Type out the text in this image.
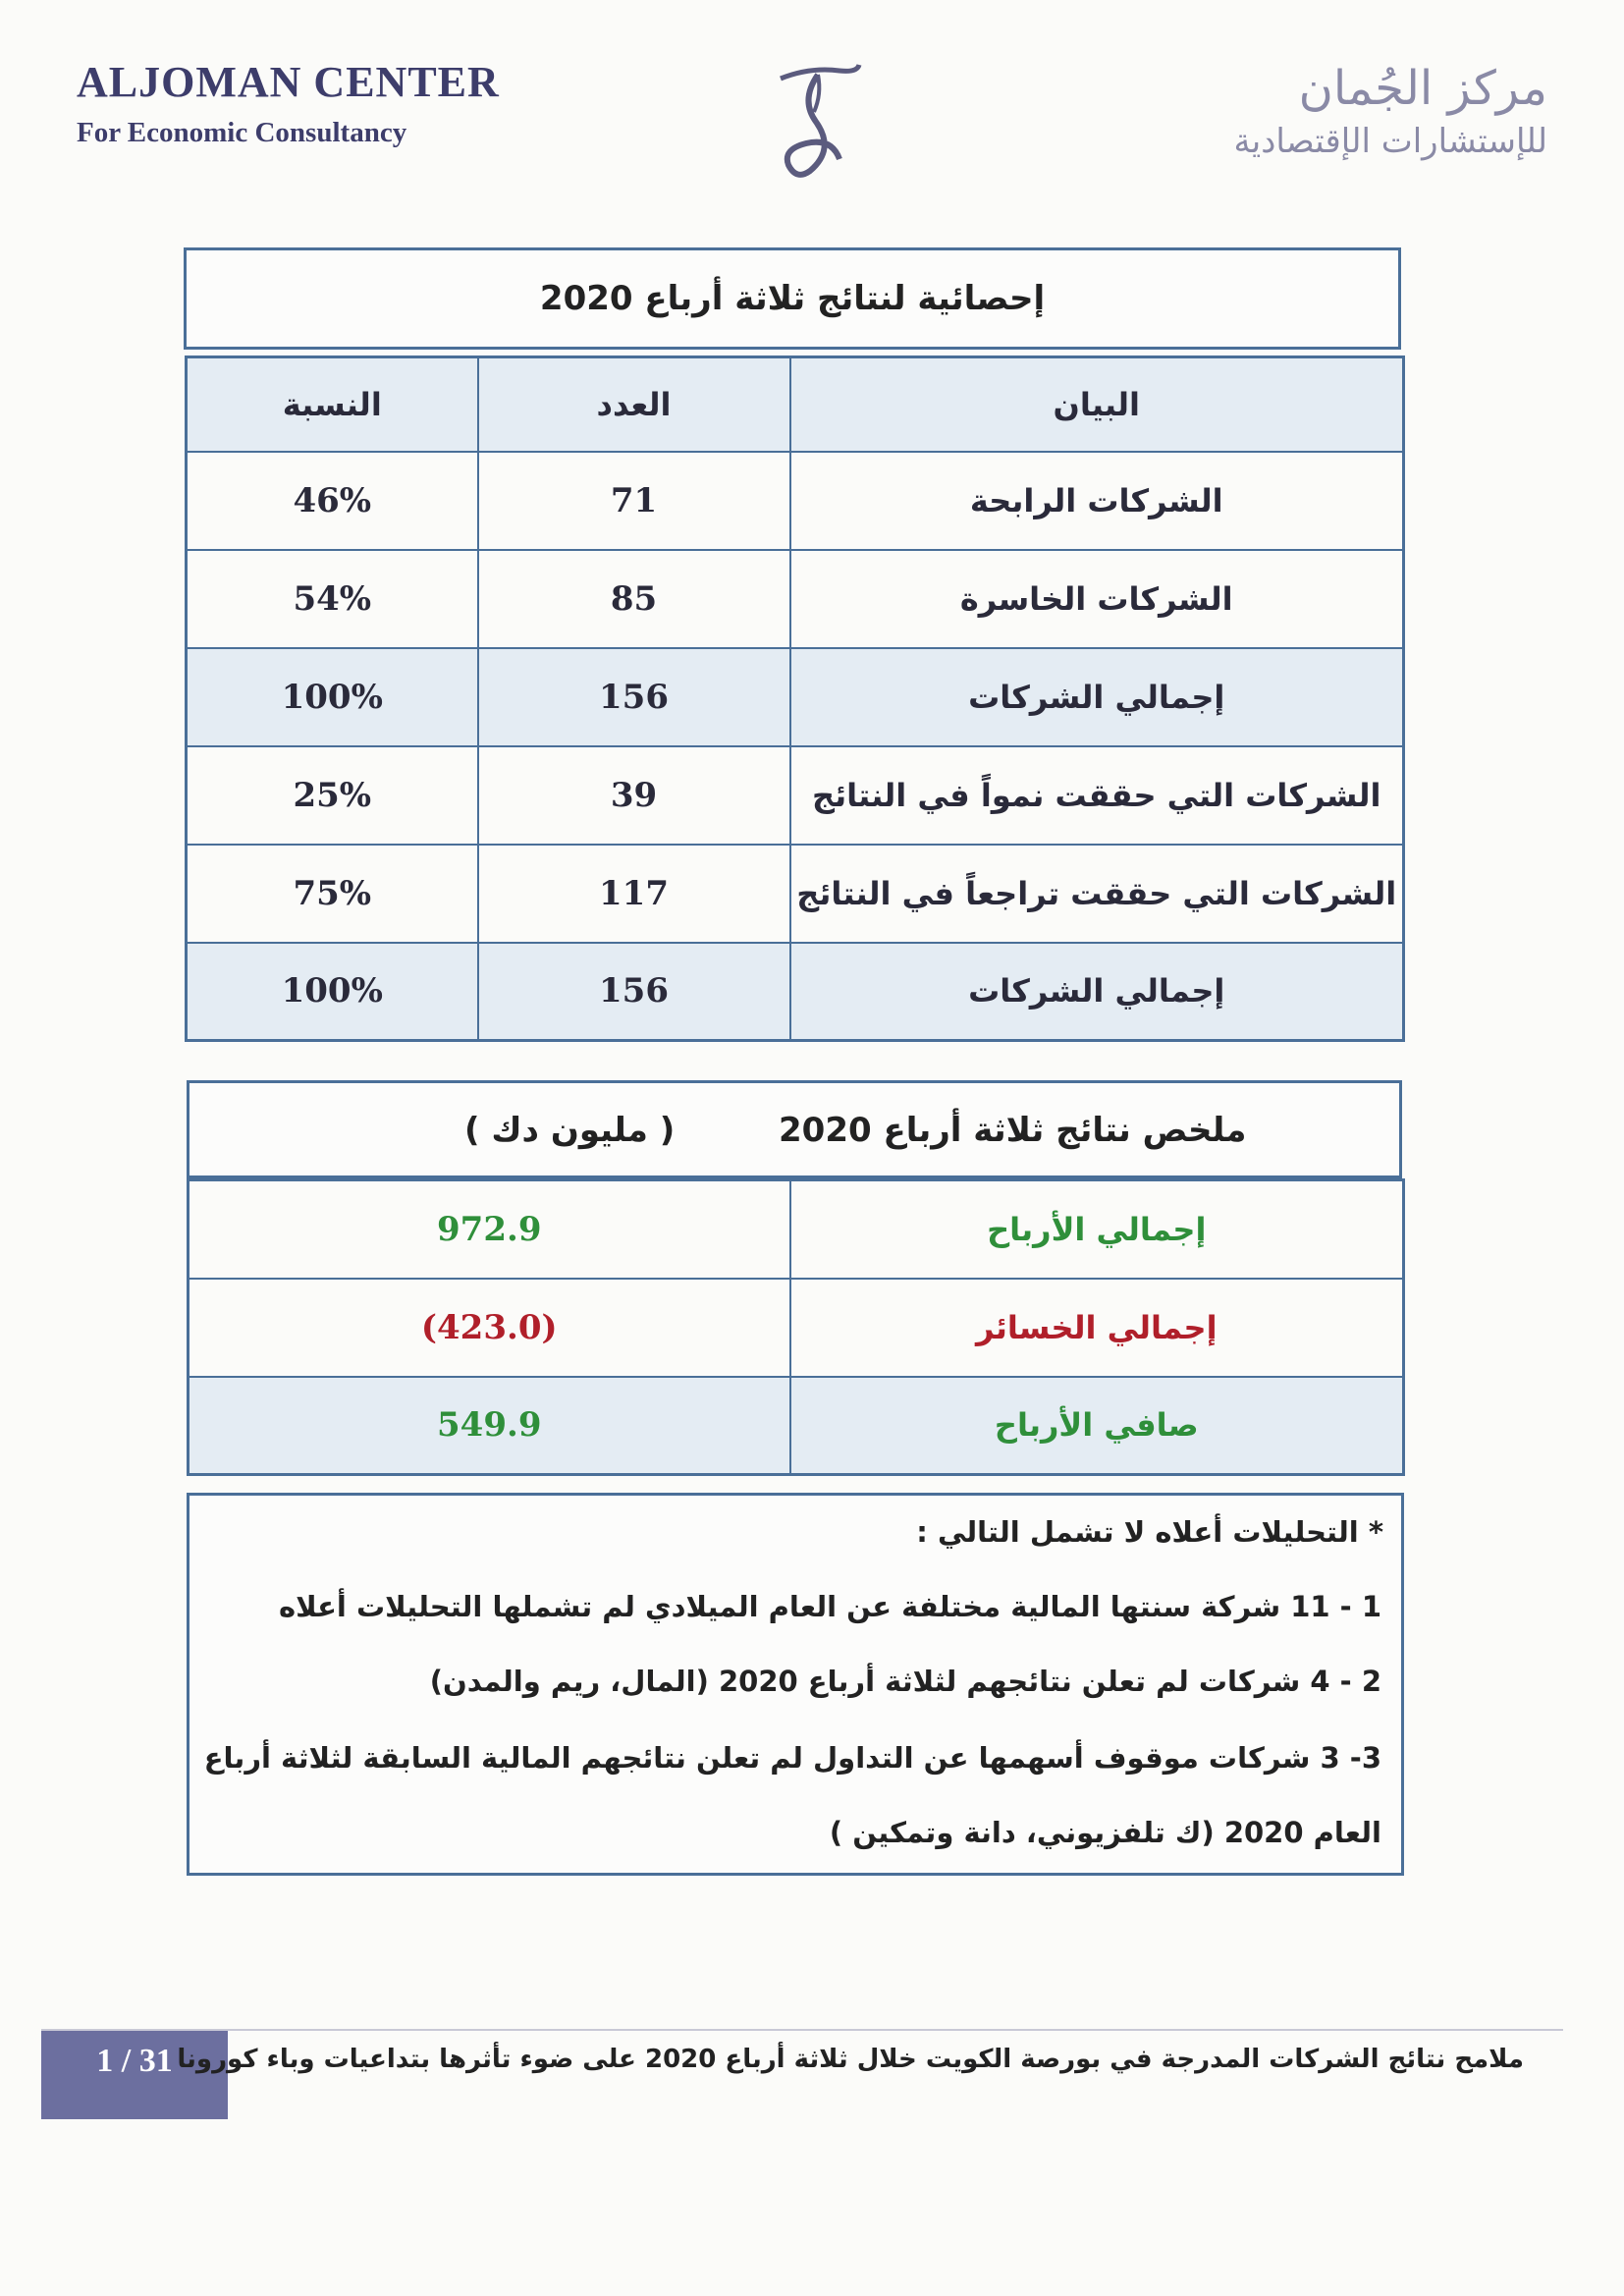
ALJOMAN CENTER
For Economic Consultancy
مركز الجُمان
للإستشارات الإقتصادية
إحصائية لنتائج ثلاثة أرباع 2020
النسبة	العدد	البيان
46%	71	الشركات الرابحة
54%	85	الشركات الخاسرة
100%	156	إجمالي الشركات
25%	39	الشركات التي حققت نمواً في النتائج
75%	117	الشركات التي حققت تراجعاً في النتائج
100%	156	إجمالي الشركات
ملخص نتائج ثلاثة أرباع 2020
( مليون دك )
972.9	إجمالي الأرباح
(423.0)	إجمالي الخسائر
549.9	صافي الأرباح
* التحليلات أعلاه لا تشمل التالي :
1 - 11 شركة سنتها المالية مختلفة عن العام الميلادي لم تشملها التحليلات أعلاه
2 - 4 شركات لم تعلن نتائجهم لثلاثة أرباع 2020 (المال، ريم والمدن)
3- 3 شركات موقوف أسهمها عن التداول لم تعلن نتائجهم المالية السابقة لثلاثة أرباع
العام 2020 (ك تلفزيوني، دانة وتمكين )
1 / 31 ملامح نتائج الشركات المدرجة في بورصة الكويت خلال ثلاثة أرباع 2020 على ضوء تأثرها بتداعيات وباء كورونا
